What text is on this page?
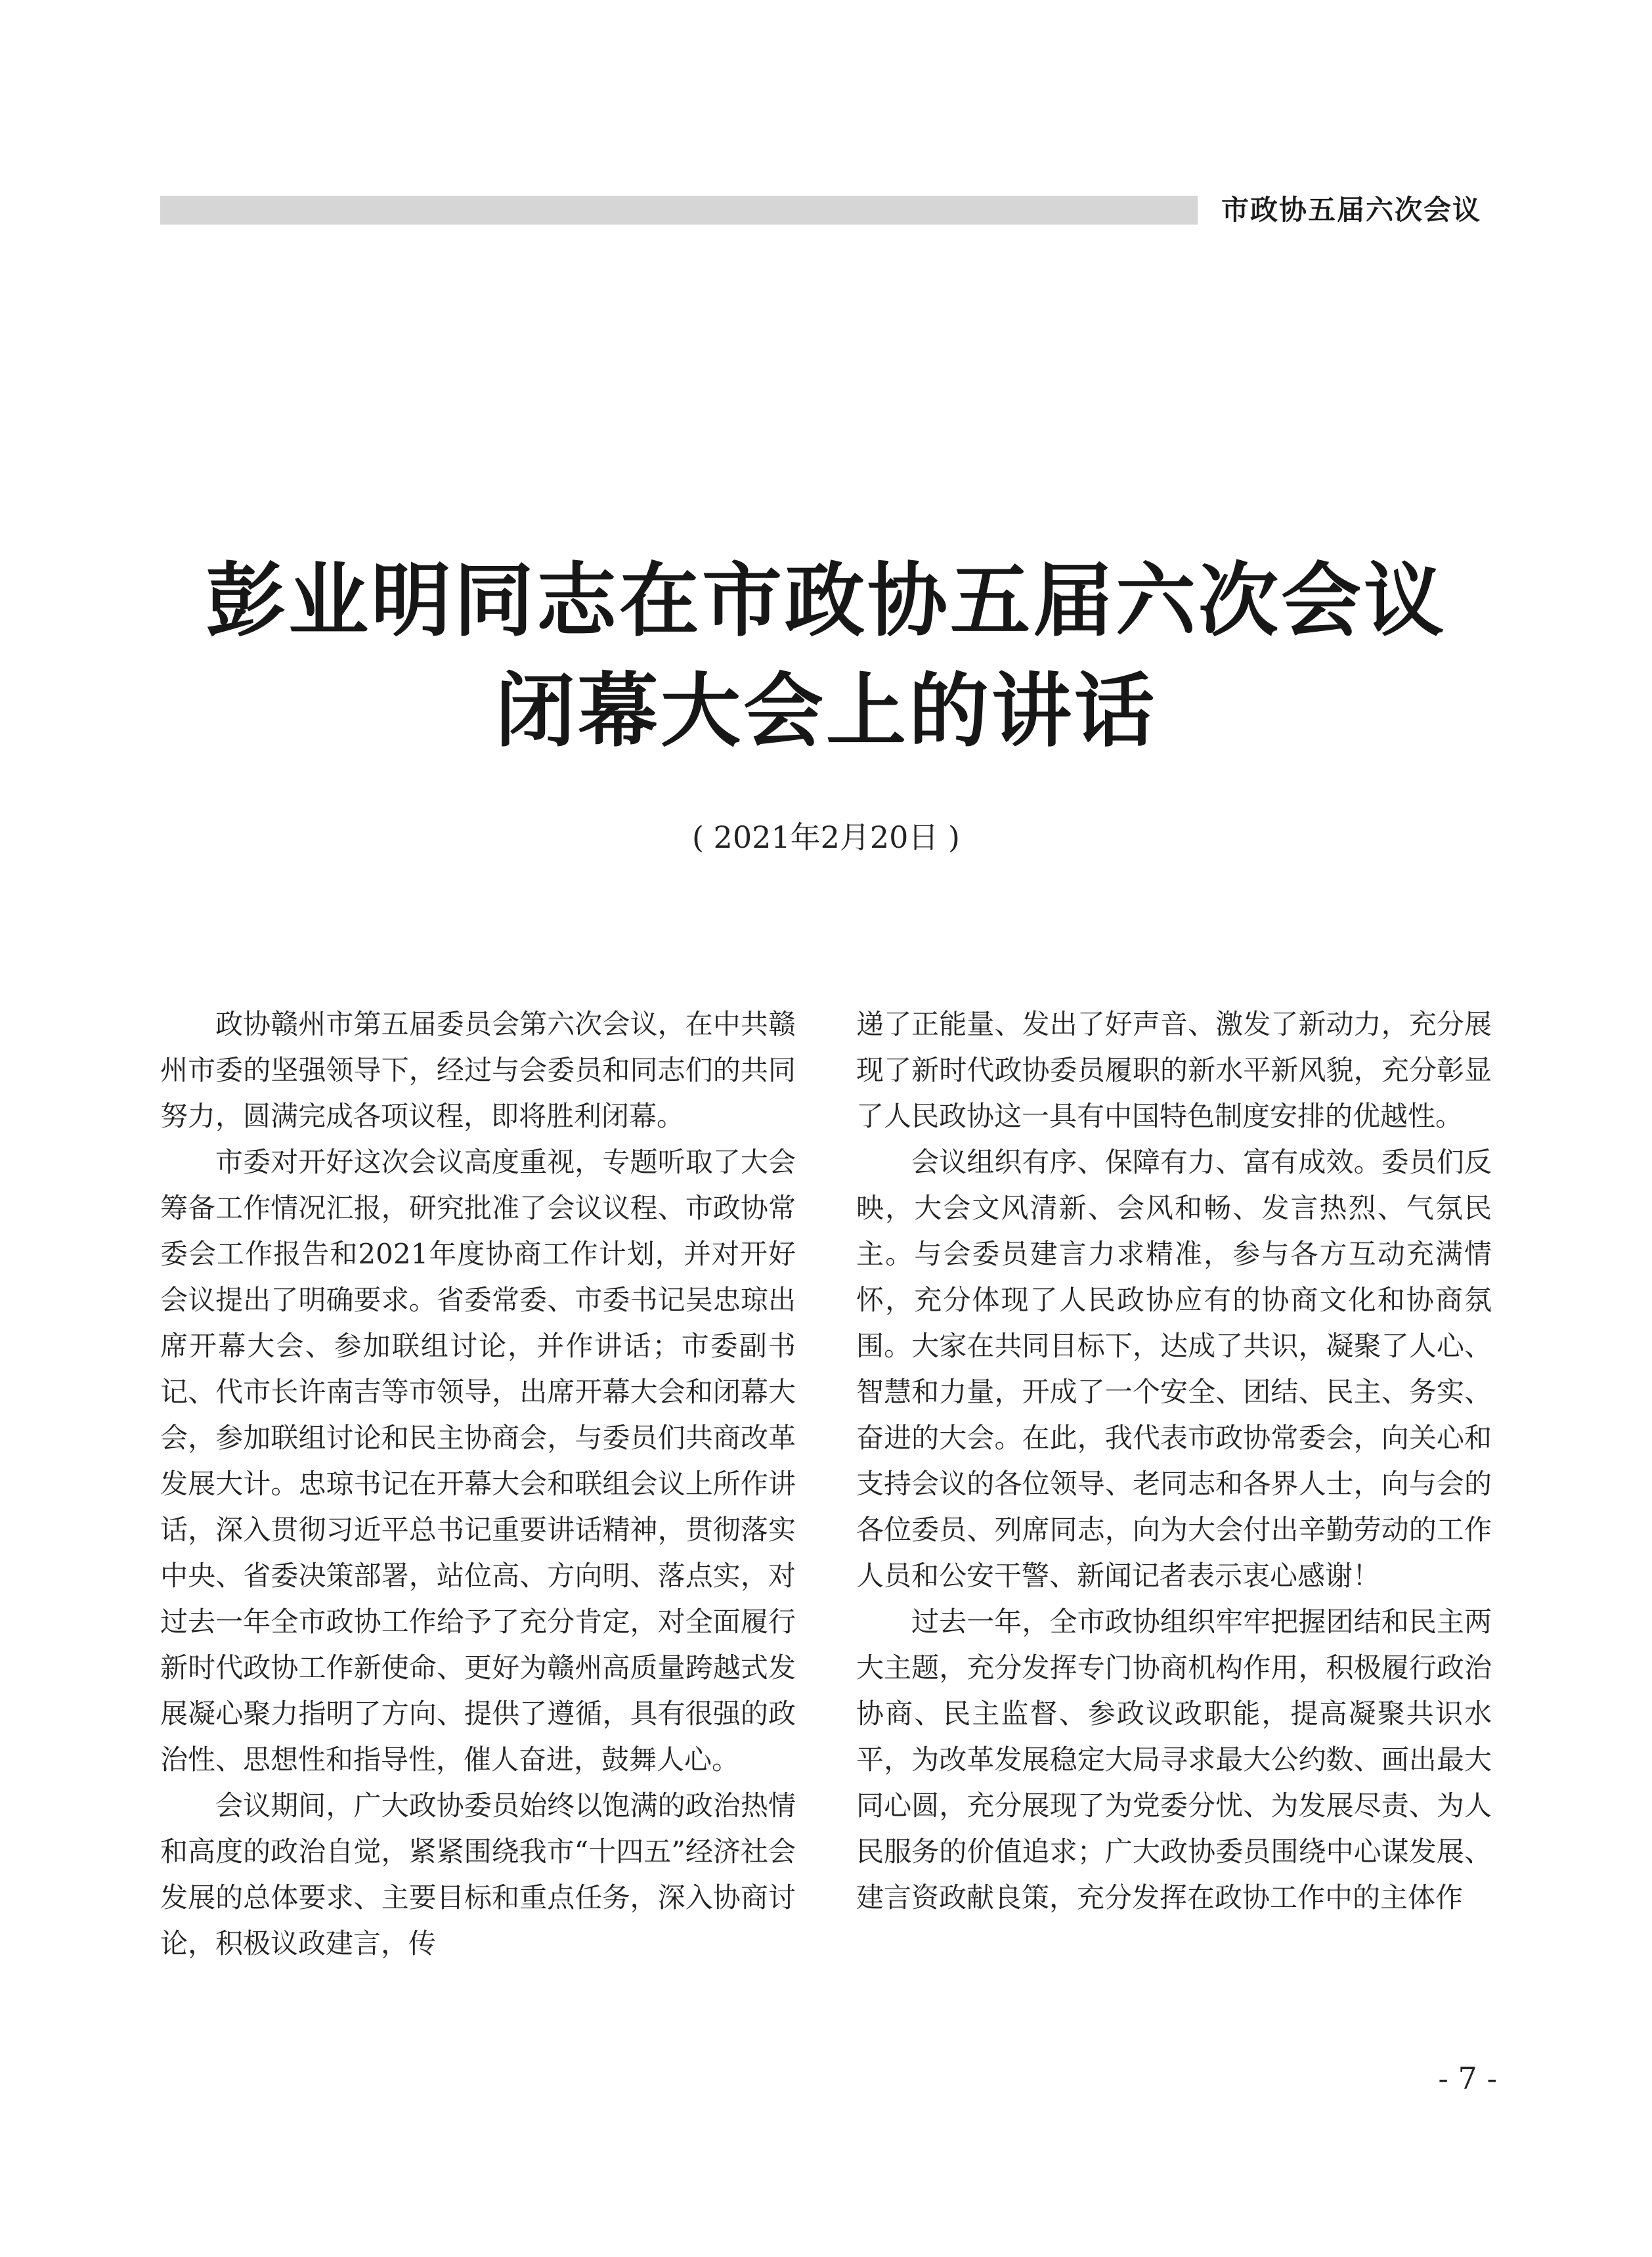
市政协五届六次会议
彭业明同志在市政协五届六次会议
闭幕大会上的讲话
( 2021年2月20日 )

政协赣州市第五届委员会第六次会议，在中共赣州市委的坚强领导下，经过与会委员和同志们的共同努力，圆满完成各项议程，即将胜利闭幕。

市委对开好这次会议高度重视，专题听取了大会筹备工作情况汇报，研究批准了会议议程、市政协常委会工作报告和2021年度协商工作计划，并对开好会议提出了明确要求。省委常委、市委书记吴忠琼出席开幕大会、参加联组讨论，并作讲话；市委副书记、代市长许南吉等市领导，出席开幕大会和闭幕大会，参加联组讨论和民主协商会，与委员们共商改革发展大计。忠琼书记在开幕大会和联组会议上所作讲话，深入贯彻习近平总书记重要讲话精神，贯彻落实中央、省委决策部署，站位高、方向明、落点实，对过去一年全市政协工作给予了充分肯定，对全面履行新时代政协工作新使命、更好为赣州高质量跨越式发展凝心聚力指明了方向、提供了遵循，具有很强的政治性、思想性和指导性，催人奋进，鼓舞人心。

会议期间，广大政协委员始终以饱满的政治热情和高度的政治自觉，紧紧围绕我市“十四五”经济社会发展的总体要求、主要目标和重点任务，深入协商讨论，积极议政建言，传

递了正能量、发出了好声音、激发了新动力，充分展现了新时代政协委员履职的新水平新风貌，充分彰显了人民政协这一具有中国特色制度安排的优越性。

会议组织有序、保障有力、富有成效。委员们反映，大会文风清新、会风和畅、发言热烈、气氛民主。与会委员建言力求精准，参与各方互动充满情怀，充分体现了人民政协应有的协商文化和协商氛围。大家在共同目标下，达成了共识，凝聚了人心、智慧和力量，开成了一个安全、团结、民主、务实、奋进的大会。在此，我代表市政协常委会，向关心和支持会议的各位领导、老同志和各界人士，向与会的各位委员、列席同志，向为大会付出辛勤劳动的工作人员和公安干警、新闻记者表示衷心感谢！

过去一年，全市政协组织牢牢把握团结和民主两大主题，充分发挥专门协商机构作用，积极履行政治协商、民主监督、参政议政职能，提高凝聚共识水平，为改革发展稳定大局寻求最大公约数、画出最大同心圆，充分展现了为党委分忧、为发展尽责、为人民服务的价值追求；广大政协委员围绕中心谋发展、建言资政献良策，充分发挥在政协工作中的主体作

- 7 -
